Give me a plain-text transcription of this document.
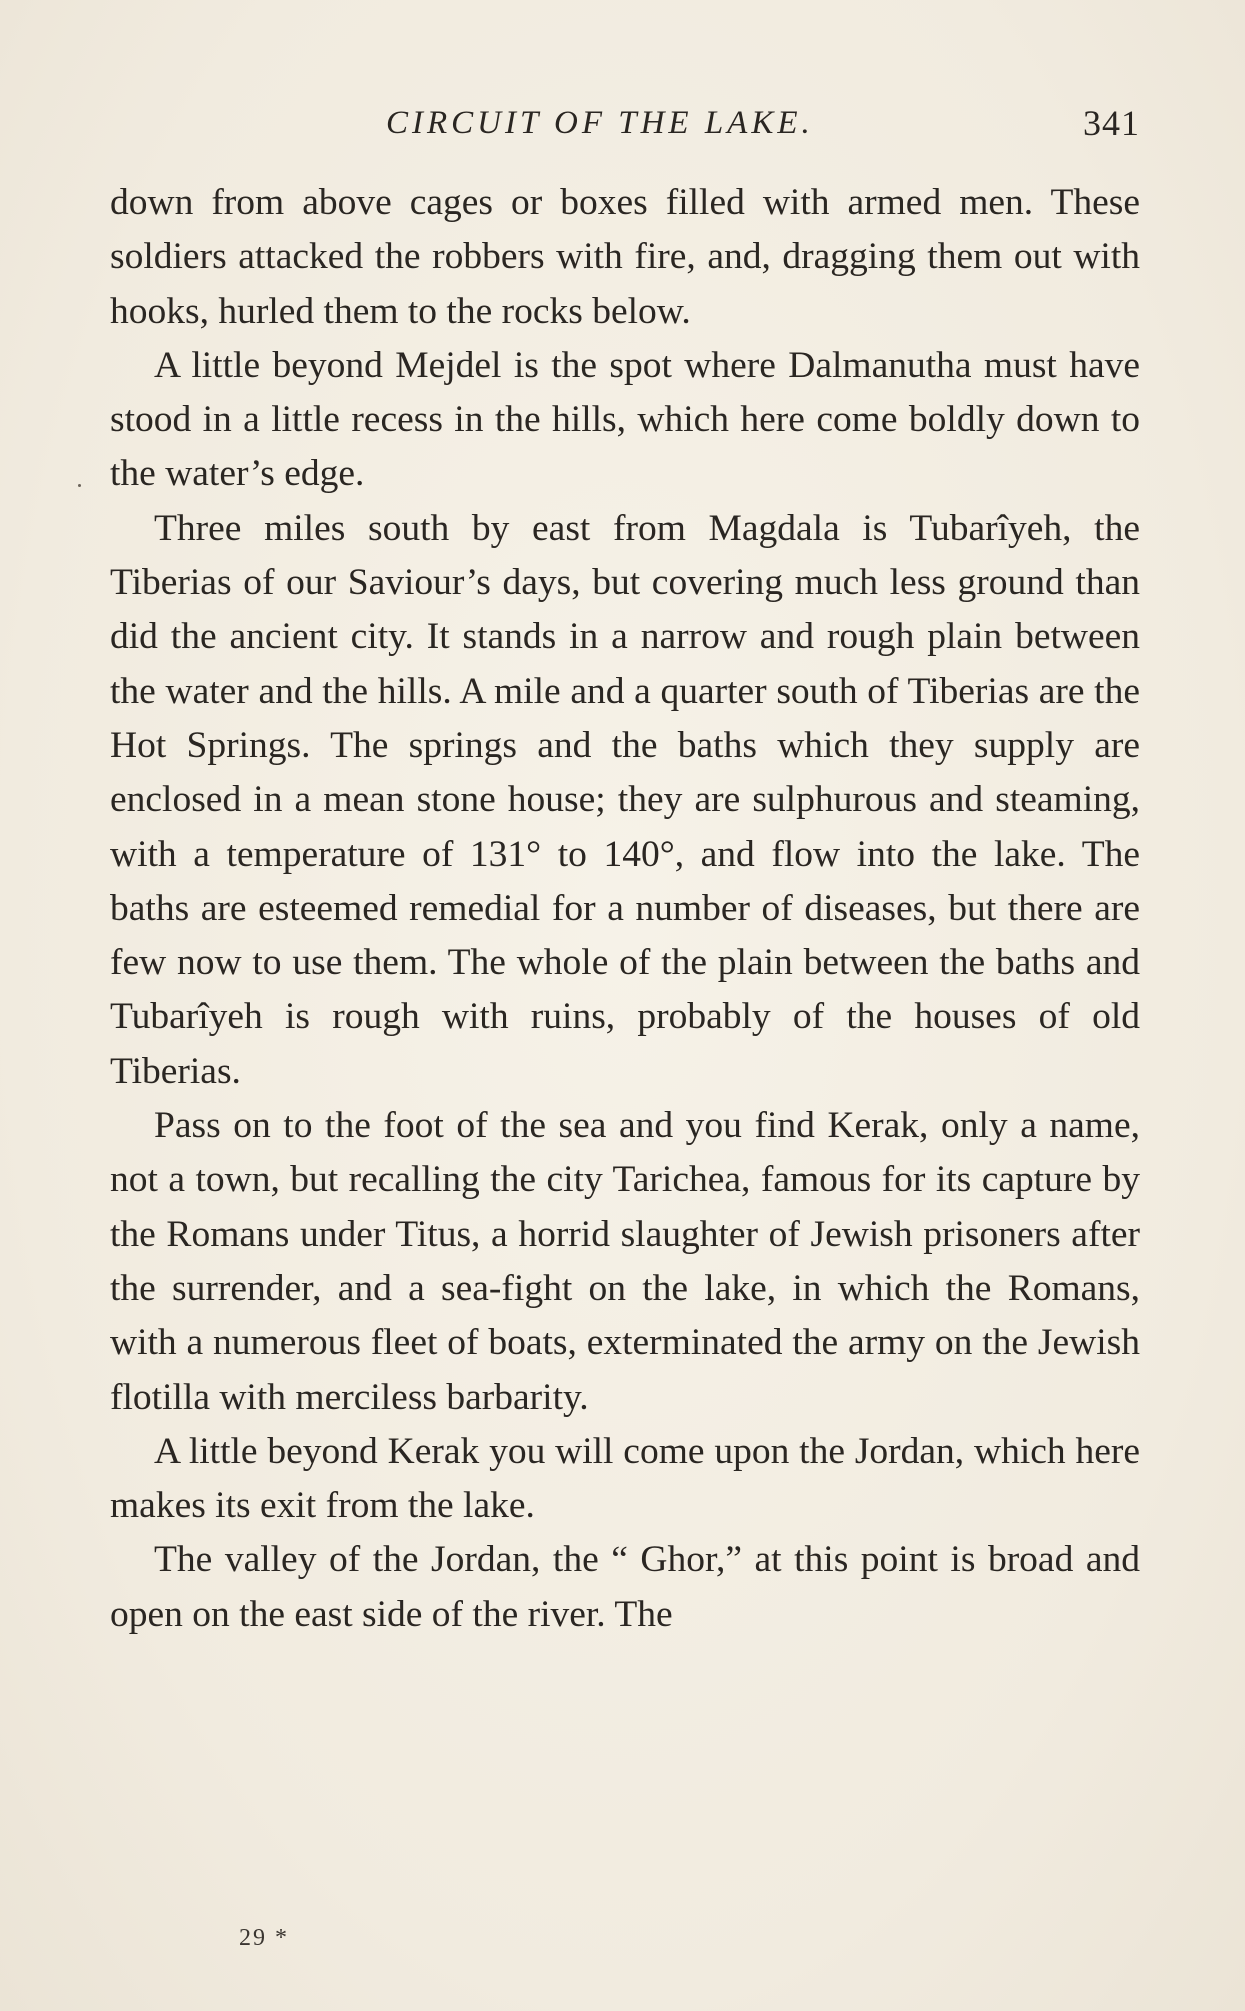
CIRCUIT OF THE LAKE.	341

down from above cages or boxes filled with armed men. These soldiers attacked the robbers with fire, and, dragging them out with hooks, hurled them to the rocks below.

A little beyond Mejdel is the spot where Dalmanutha must have stood in a little recess in the hills, which here come boldly down to the water’s edge.

Three miles south by east from Magdala is Tubarîyeh, the Tiberias of our Saviour’s days, but covering much less ground than did the ancient city. It stands in a narrow and rough plain between the water and the hills. A mile and a quarter south of Tiberias are the Hot Springs. The springs and the baths which they supply are enclosed in a mean stone house; they are sulphurous and steaming, with a temperature of 131° to 140°, and flow into the lake. The baths are esteemed remedial for a number of diseases, but there are few now to use them. The whole of the plain between the baths and Tubarîyeh is rough with ruins, probably of the houses of old Tiberias.

Pass on to the foot of the sea and you find Kerak, only a name, not a town, but recalling the city Tarichea, famous for its capture by the Romans under Titus, a horrid slaughter of Jewish prisoners after the surrender, and a sea-fight on the lake, in which the Romans, with a numerous fleet of boats, exterminated the army on the Jewish flotilla with merciless barbarity.

A little beyond Kerak you will come upon the Jordan, which here makes its exit from the lake.

The valley of the Jordan, the “ Ghor,” at this point is broad and open on the east side of the river. The

29 *
